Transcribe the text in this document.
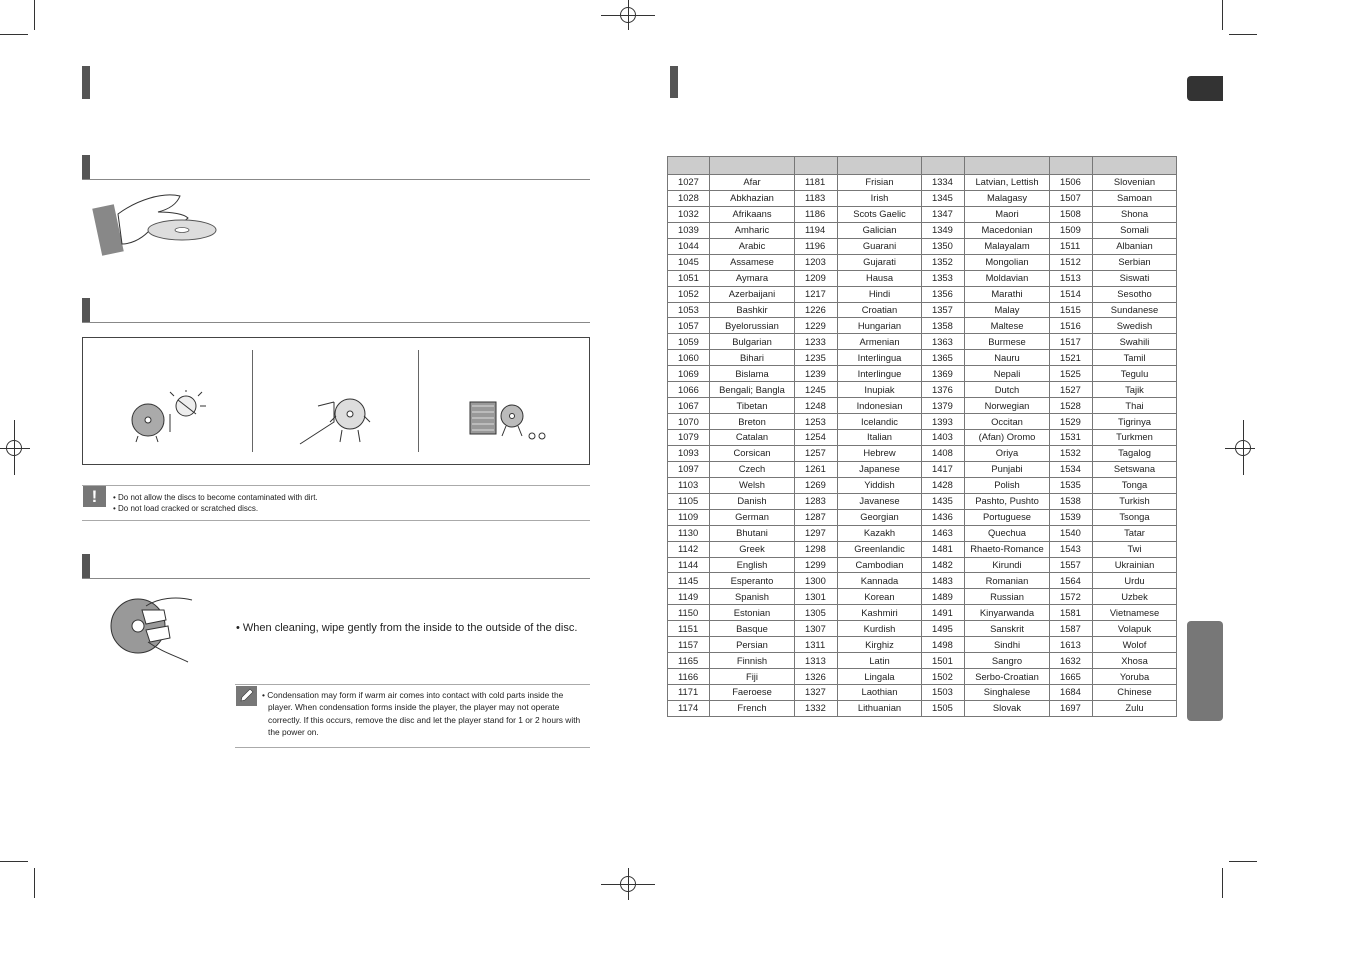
!	• Do not allow the discs to become contaminated with dirt.
• Do not load cracked or scratched discs.
• When cleaning, wipe gently from the inside to the outside of the disc.
• Condensation may form if warm air comes into contact with cold parts inside the player. When condensation forms inside the player, the player may not operate correctly. If this occurs, remove the disc and let the player stand for 1 or 2 hours with the power on.

1027	Afar	1181	Frisian	1334	Latvian, Lettish	1506	Slovenian
1028	Abkhazian	1183	Irish	1345	Malagasy	1507	Samoan
1032	Afrikaans	1186	Scots Gaelic	1347	Maori	1508	Shona
1039	Amharic	1194	Galician	1349	Macedonian	1509	Somali
1044	Arabic	1196	Guarani	1350	Malayalam	1511	Albanian
1045	Assamese	1203	Gujarati	1352	Mongolian	1512	Serbian
1051	Aymara	1209	Hausa	1353	Moldavian	1513	Siswati
1052	Azerbaijani	1217	Hindi	1356	Marathi	1514	Sesotho
1053	Bashkir	1226	Croatian	1357	Malay	1515	Sundanese
1057	Byelorussian	1229	Hungarian	1358	Maltese	1516	Swedish
1059	Bulgarian	1233	Armenian	1363	Burmese	1517	Swahili
1060	Bihari	1235	Interlingua	1365	Nauru	1521	Tamil
1069	Bislama	1239	Interlingue	1369	Nepali	1525	Tegulu
1066	Bengali; Bangla	1245	Inupiak	1376	Dutch	1527	Tajik
1067	Tibetan	1248	Indonesian	1379	Norwegian	1528	Thai
1070	Breton	1253	Icelandic	1393	Occitan	1529	Tigrinya
1079	Catalan	1254	Italian	1403	(Afan) Oromo	1531	Turkmen
1093	Corsican	1257	Hebrew	1408	Oriya	1532	Tagalog
1097	Czech	1261	Japanese	1417	Punjabi	1534	Setswana
1103	Welsh	1269	Yiddish	1428	Polish	1535	Tonga
1105	Danish	1283	Javanese	1435	Pashto, Pushto	1538	Turkish
1109	German	1287	Georgian	1436	Portuguese	1539	Tsonga
1130	Bhutani	1297	Kazakh	1463	Quechua	1540	Tatar
1142	Greek	1298	Greenlandic	1481	Rhaeto-Romance	1543	Twi
1144	English	1299	Cambodian	1482	Kirundi	1557	Ukrainian
1145	Esperanto	1300	Kannada	1483	Romanian	1564	Urdu
1149	Spanish	1301	Korean	1489	Russian	1572	Uzbek
1150	Estonian	1305	Kashmiri	1491	Kinyarwanda	1581	Vietnamese
1151	Basque	1307	Kurdish	1495	Sanskrit	1587	Volapuk
1157	Persian	1311	Kirghiz	1498	Sindhi	1613	Wolof
1165	Finnish	1313	Latin	1501	Sangro	1632	Xhosa
1166	Fiji	1326	Lingala	1502	Serbo-Croatian	1665	Yoruba
1171	Faeroese	1327	Laothian	1503	Singhalese	1684	Chinese
1174	French	1332	Lithuanian	1505	Slovak	1697	Zulu
